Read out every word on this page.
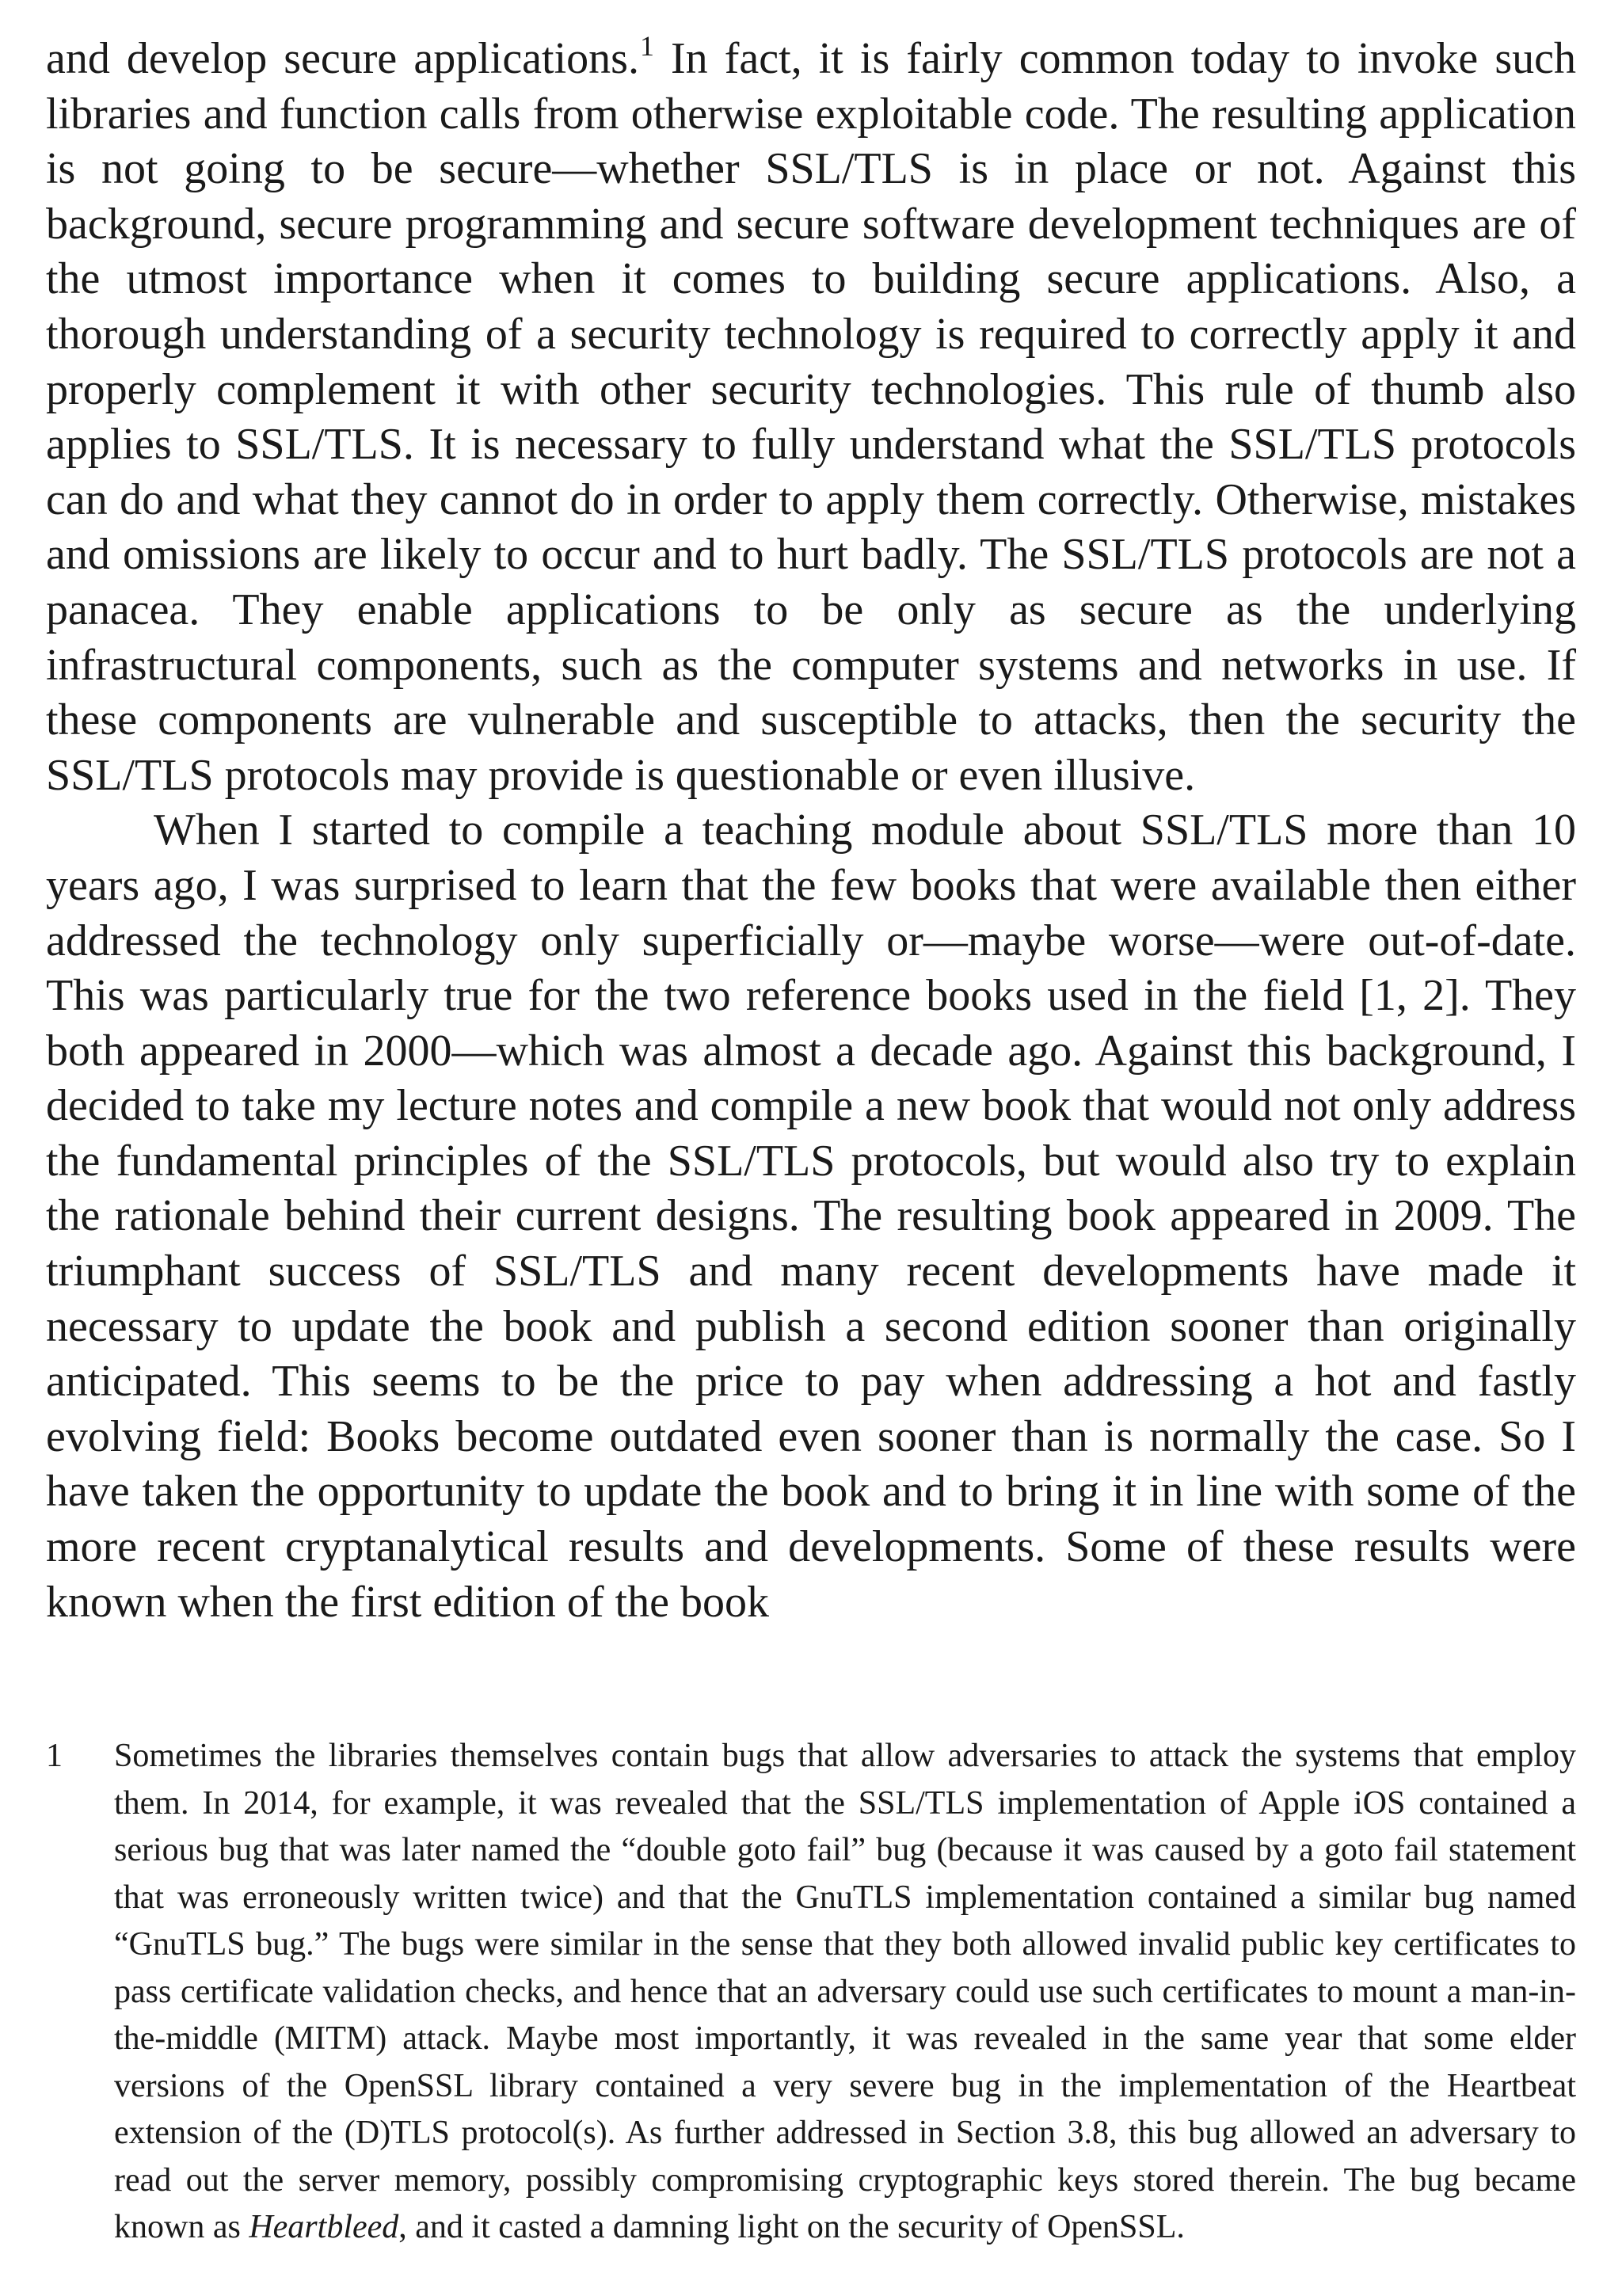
and develop secure applications.$^1$ In fact, it is fairly common today to invoke such libraries and function calls from otherwise exploitable code. The resulting application is not going to be secure—whether SSL/TLS is in place or not. Against this background, secure programming and secure software development techniques are of the utmost importance when it comes to building secure applications. Also, a thorough understanding of a security technology is required to correctly apply it and properly complement it with other security technologies. This rule of thumb also applies to SSL/TLS. It is necessary to fully understand what the SSL/TLS protocols can do and what they cannot do in order to apply them correctly. Otherwise, mistakes and omissions are likely to occur and to hurt badly. The SSL/TLS protocols are not a panacea. They enable applications to be only as secure as the underlying infrastructural components, such as the computer systems and networks in use. If these components are vulnerable and susceptible to attacks, then the security the SSL/TLS protocols may provide is questionable or even illusive.

When I started to compile a teaching module about SSL/TLS more than 10 years ago, I was surprised to learn that the few books that were available then either addressed the technology only superficially or—maybe worse—were out-of-date. This was particularly true for the two reference books used in the field [1, 2]. They both appeared in 2000—which was almost a decade ago. Against this background, I decided to take my lecture notes and compile a new book that would not only address the fundamental principles of the SSL/TLS protocols, but would also try to explain the rationale behind their current designs. The resulting book appeared in 2009. The triumphant success of SSL/TLS and many recent developments have made it necessary to update the book and publish a second edition sooner than originally anticipated. This seems to be the price to pay when addressing a hot and fastly evolving field: Books become outdated even sooner than is normally the case. So I have taken the opportunity to update the book and to bring it in line with some of the more recent cryptanalytical results and developments. Some of these results were known when the first edition of the book

1	Sometimes the libraries themselves contain bugs that allow adversaries to attack the systems that employ them. In 2014, for example, it was revealed that the SSL/TLS implementation of Apple iOS contained a serious bug that was later named the “double goto fail” bug (because it was caused by a goto fail statement that was erroneously written twice) and that the GnuTLS implementation contained a similar bug named “GnuTLS bug.” The bugs were similar in the sense that they both allowed invalid public key certificates to pass certificate validation checks, and hence that an adversary could use such certificates to mount a man-in-the-middle (MITM) attack. Maybe most importantly, it was revealed in the same year that some elder versions of the OpenSSL library contained a very severe bug in the implementation of the Heartbeat extension of the (D)TLS protocol(s). As further addressed in Section 3.8, this bug allowed an adversary to read out the server memory, possibly compromising cryptographic keys stored therein. The bug became known as Heartbleed, and it casted a damning light on the security of OpenSSL.
